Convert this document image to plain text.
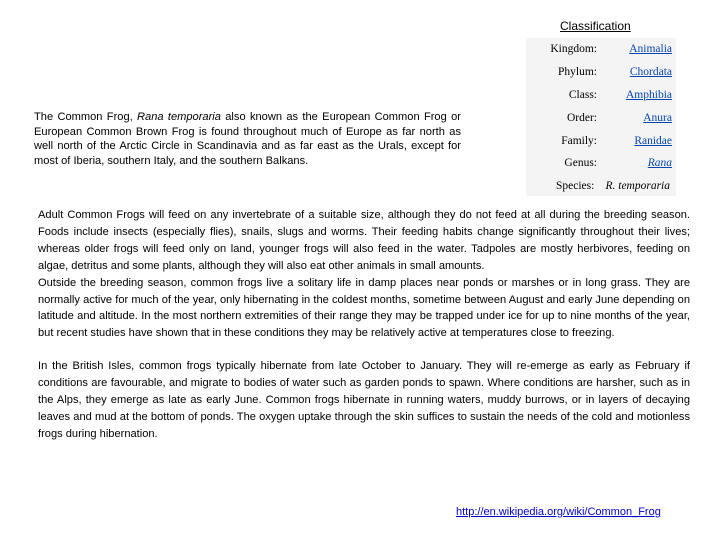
Classification
Kingdom:	Animalia
Phylum:	Chordata
Class:	Amphibia
Order:	Anura
Family:	Ranidae
Genus:	Rana
Species: R. temporaria
The Common Frog, Rana temporaria also known as the European Common Frog or European Common Brown Frog is found throughout much of Europe as far north as well north of the Arctic Circle in Scandinavia and as far east as the Urals, except for most of Iberia, southern Italy, and the southern Balkans.

Adult Common Frogs will feed on any invertebrate of a suitable size, although they do not feed at all during the breeding season. Foods include insects (especially flies), snails, slugs and worms. Their feeding habits change significantly throughout their lives; whereas older frogs will feed only on land, younger frogs will also feed in the water. Tadpoles are mostly herbivores, feeding on algae, detritus and some plants, although they will also eat other animals in small amounts.

Outside the breeding season, common frogs live a solitary life in damp places near ponds or marshes or in long grass. They are normally active for much of the year, only hibernating in the coldest months, sometime between August and early June depending on latitude and altitude. In the most northern extremities of their range they may be trapped under ice for up to nine months of the year, but recent studies have shown that in these conditions they may be relatively active at temperatures close to freezing.

In the British Isles, common frogs typically hibernate from late October to January. They will re-emerge as early as February if conditions are favourable, and migrate to bodies of water such as garden ponds to spawn. Where conditions are harsher, such as in the Alps, they emerge as late as early June. Common frogs hibernate in running waters, muddy burrows, or in layers of decaying leaves and mud at the bottom of ponds. The oxygen uptake through the skin suffices to sustain the needs of the cold and motionless frogs during hibernation.

http://en.wikipedia.org/wiki/Common_Frog
